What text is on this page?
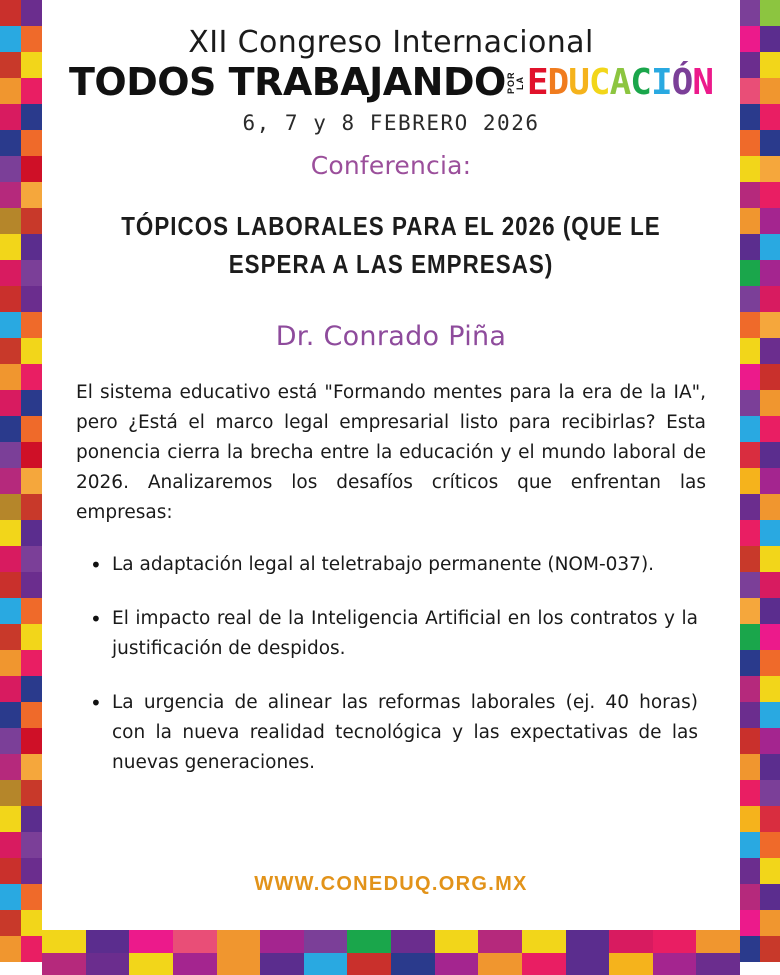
XII Congreso Internacional
TODOS TRABAJANDO POR LA EDUCACIÓN
6, 7 y 8 FEBRERO 2026
Conferencia:
TÓPICOS LABORALES PARA EL 2026 (QUE LE ESPERA A LAS EMPRESAS)
Dr. Conrado Piña

El sistema educativo está "Formando mentes para la era de la IA", pero ¿Está el marco legal empresarial listo para recibirlas? Esta ponencia cierra la brecha entre la educación y el mundo laboral de 2026. Analizaremos los desafíos críticos que enfrentan las empresas:

• La adaptación legal al teletrabajo permanente (NOM-037).
• El impacto real de la Inteligencia Artificial en los contratos y la justificación de despidos.
• La urgencia de alinear las reformas laborales (ej. 40 horas) con la nueva realidad tecnológica y las expectativas de las nuevas generaciones.
WWW.CONEDUQ.ORG.MX
